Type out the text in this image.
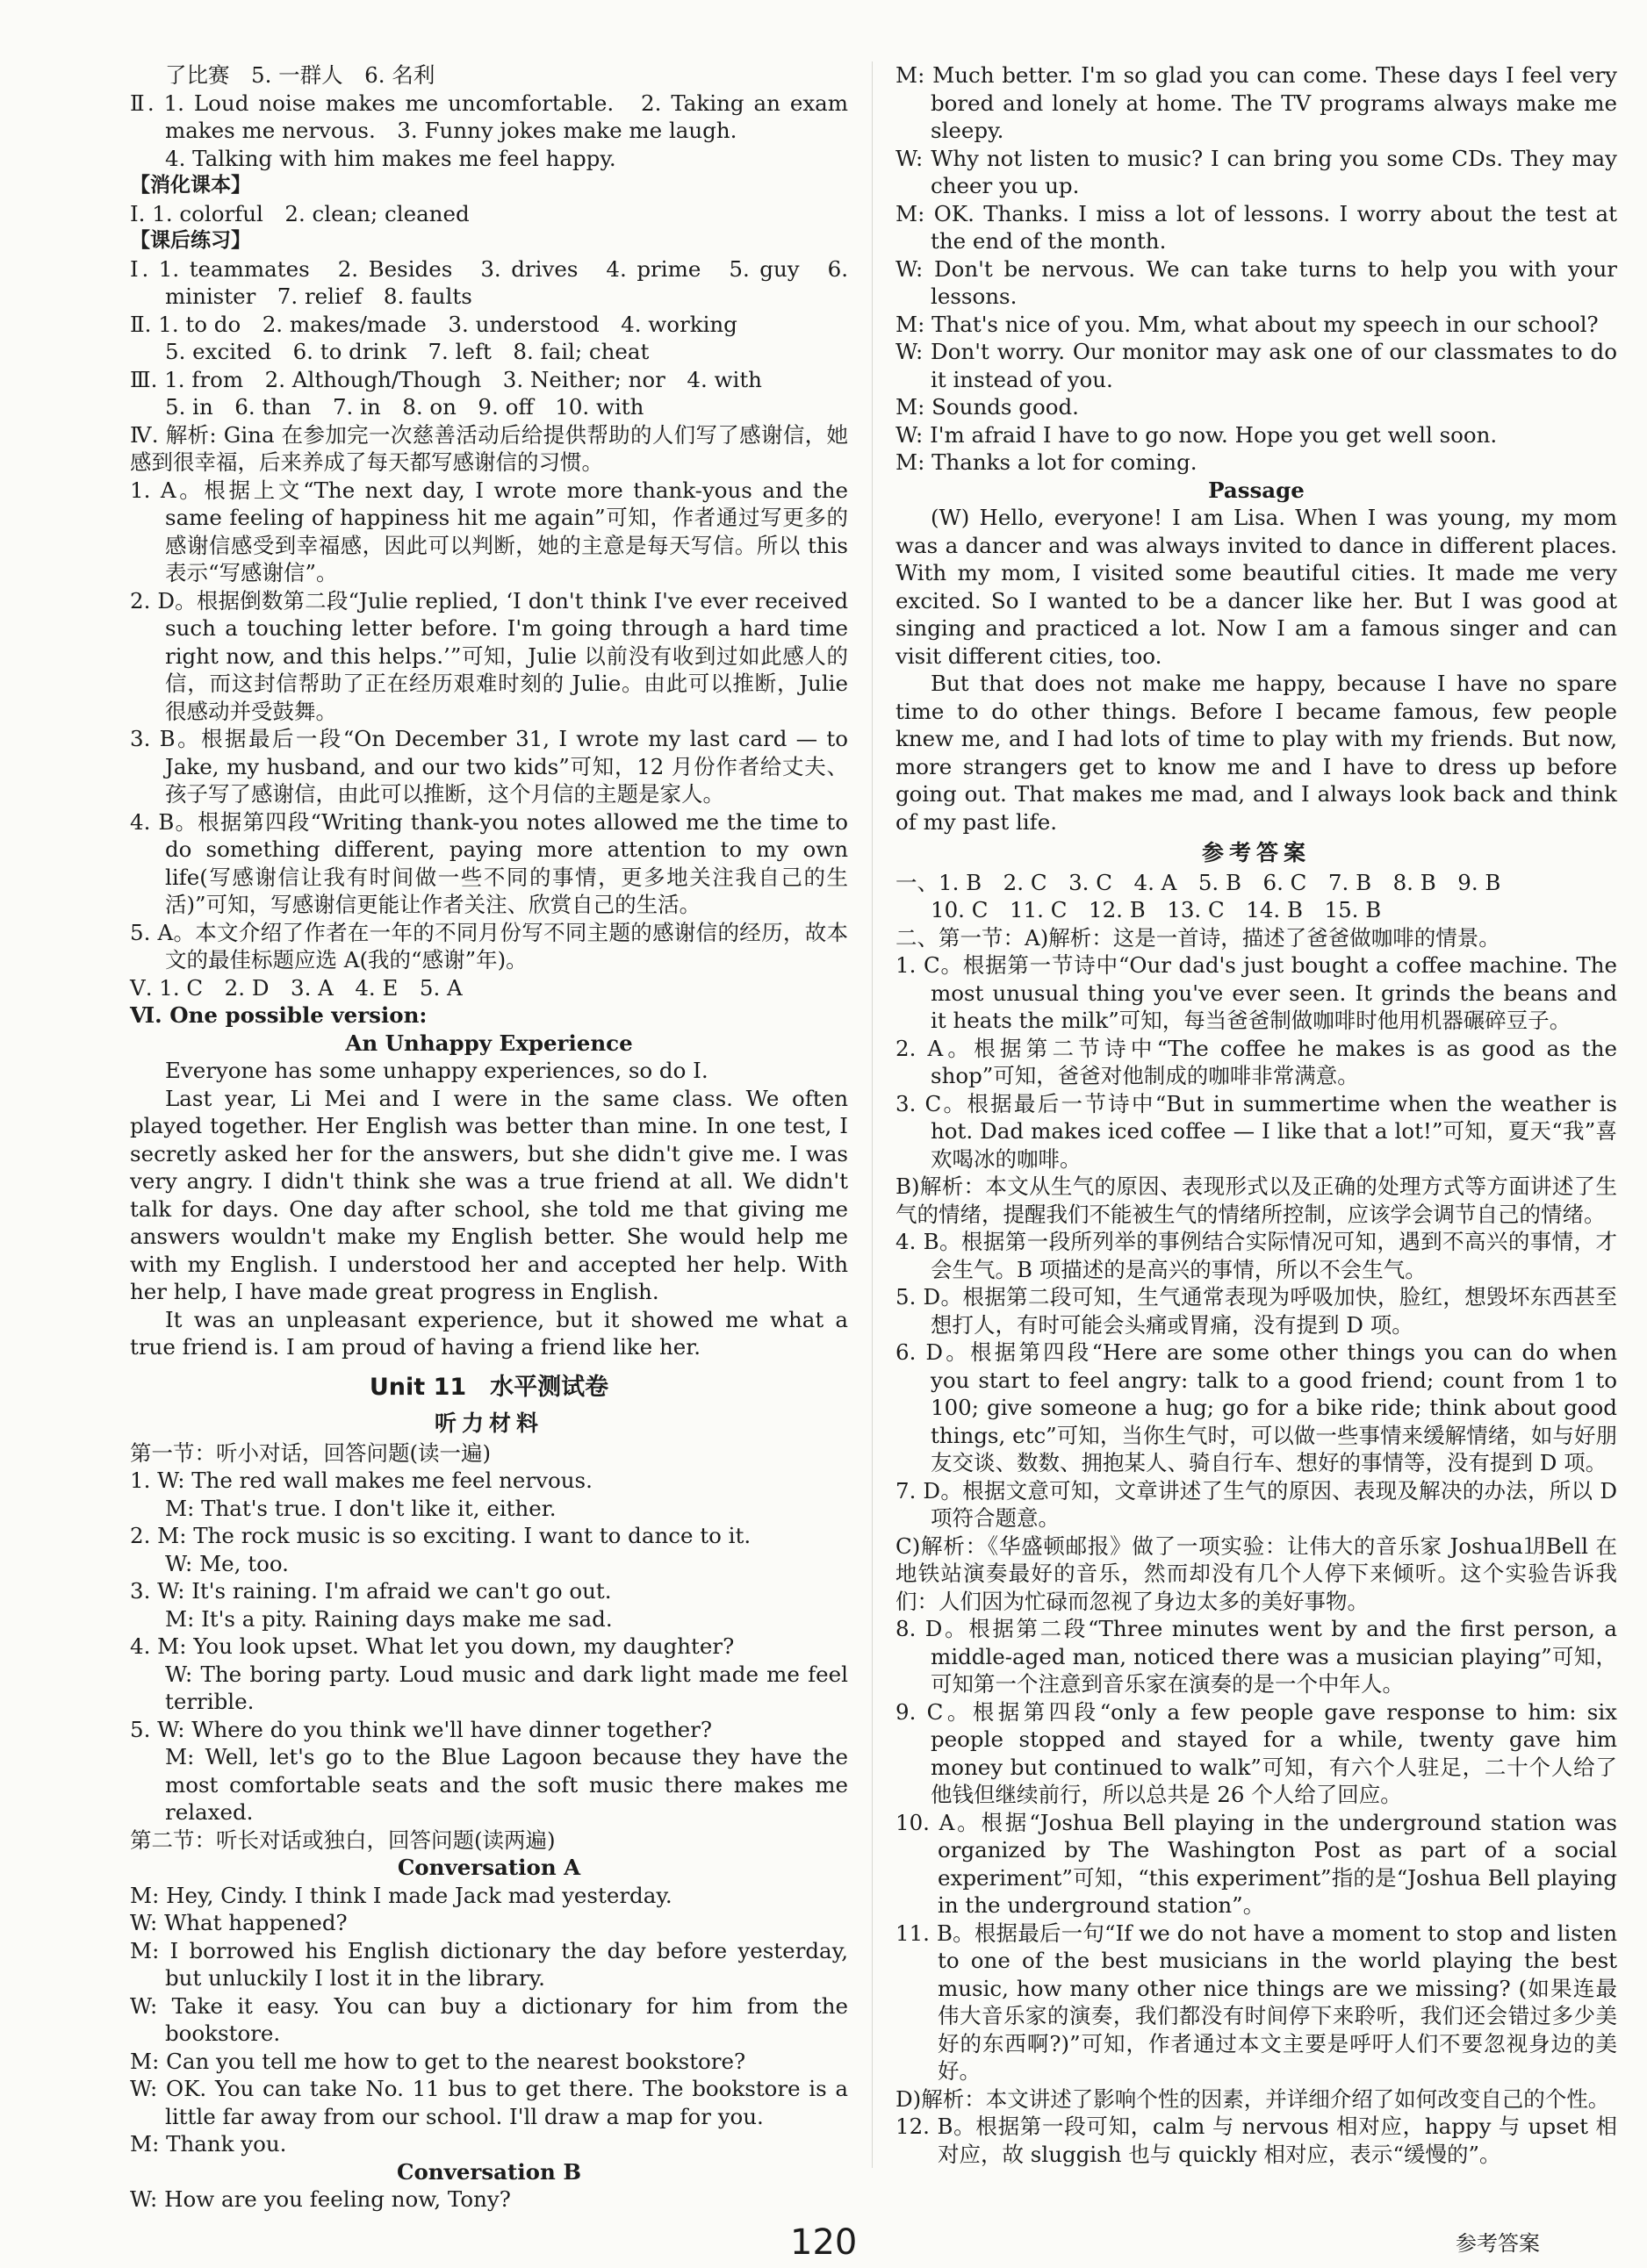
了比赛　5. 一群人　6. 名利

Ⅱ. 1. Loud noise makes me uncomfortable.　2. Taking an exam makes me nervous.　3. Funny jokes make me laugh.

4. Talking with him makes me feel happy.

【消化课本】

Ⅰ. 1. colorful　2. clean; cleaned

【课后练习】

Ⅰ. 1. teammates　2. Besides　3. drives　4. prime　5. guy　6. minister　7. relief　8. faults

Ⅱ. 1. to do　2. makes/made　3. understood　4. working

5. excited　6. to drink　7. left　8. fail; cheat

Ⅲ. 1. from　2. Although/Though　3. Neither; nor　4. with

5. in　6. than　7. in　8. on　9. off　10. with

Ⅳ. 解析: Gina 在参加完一次慈善活动后给提供帮助的人们写了感谢信，她感到很幸福，后来养成了每天都写感谢信的习惯。

1. A。根据上文“The next day, I wrote more thank-yous and the same feeling of happiness hit me again”可知，作者通过写更多的感谢信感受到幸福感，因此可以判断，她的主意是每天写信。所以 this 表示“写感谢信”。

2. D。根据倒数第二段“Julie replied, ‘I don't think I've ever received such a touching letter before. I'm going through a hard time right now, and this helps.’”可知，Julie 以前没有收到过如此感人的信，而这封信帮助了正在经历艰难时刻的 Julie。由此可以推断，Julie 很感动并受鼓舞。

3. B。根据最后一段“On December 31, I wrote my last card — to Jake, my husband, and our two kids”可知，12 月份作者给丈夫、孩子写了感谢信，由此可以推断，这个月信的主题是家人。

4. B。根据第四段“Writing thank-you notes allowed me the time to do something different, paying more attention to my own life(写感谢信让我有时间做一些不同的事情，更多地关注我自己的生活)”可知，写感谢信更能让作者关注、欣赏自己的生活。

5. A。本文介绍了作者在一年的不同月份写不同主题的感谢信的经历，故本文的最佳标题应选 A(我的“感谢”年)。

Ⅴ. 1. C　2. D　3. A　4. E　5. A

Ⅵ. One possible version:

An Unhappy Experience

Everyone has some unhappy experiences, so do I.

Last year, Li Mei and I were in the same class. We often played together. Her English was better than mine. In one test, I secretly asked her for the answers, but she didn't give me. I was very angry. I didn't think she was a true friend at all. We didn't talk for days. One day after school, she told me that giving me answers wouldn't make my English better. She would help me with my English. I understood her and accepted her help. With her help, I have made great progress in English.

It was an unpleasant experience, but it showed me what a true friend is. I am proud of having a friend like her.

Unit 11　水平测试卷

听力材料

第一节：听小对话，回答问题(读一遍)

1. W: The red wall makes me feel nervous.

M: That's true. I don't like it, either.

2. M: The rock music is so exciting. I want to dance to it.

W: Me, too.

3. W: It's raining. I'm afraid we can't go out.

M: It's a pity. Raining days make me sad.

4. M: You look upset. What let you down, my daughter?

W: The boring party. Loud music and dark light made me feel terrible.

5. W: Where do you think we'll have dinner together?

M: Well, let's go to the Blue Lagoon because they have the most comfortable seats and the soft music there makes me relaxed.

第二节：听长对话或独白，回答问题(读两遍)

Conversation A

M: Hey, Cindy. I think I made Jack mad yesterday.

W: What happened?

M: I borrowed his English dictionary the day before yesterday, but unluckily I lost it in the library.

W: Take it easy. You can buy a dictionary for him from the bookstore.

M: Can you tell me how to get to the nearest bookstore?

W: OK. You can take No. 11 bus to get there. The bookstore is a little far away from our school. I'll draw a map for you.

M: Thank you.

Conversation B

W: How are you feeling now, Tony?

M: Much better. I'm so glad you can come. These days I feel very bored and lonely at home. The TV programs always make me sleepy.

W: Why not listen to music? I can bring you some CDs. They may cheer you up.

M: OK. Thanks. I miss a lot of lessons. I worry about the test at the end of the month.

W: Don't be nervous. We can take turns to help you with your lessons.

M: That's nice of you. Mm, what about my speech in our school?

W: Don't worry. Our monitor may ask one of our classmates to do it instead of you.

M: Sounds good.

W: I'm afraid I have to go now. Hope you get well soon.

M: Thanks a lot for coming.

Passage

(W) Hello, everyone! I am Lisa. When I was young, my mom was a dancer and was always invited to dance in different places. With my mom, I visited some beautiful cities. It made me very excited. So I wanted to be a dancer like her. But I was good at singing and practiced a lot. Now I am a famous singer and can visit different cities, too.

But that does not make me happy, because I have no spare time to do other things. Before I became famous, few people knew me, and I had lots of time to play with my friends. But now, more strangers get to know me and I have to dress up before going out. That makes me mad, and I always look back and think of my past life.

参考答案

一、1. B　2. C　3. C　4. A　5. B　6. C　7. B　8. B　9. B

10. C　11. C　12. B　13. C　14. B　15. B

二、第一节：A)解析：这是一首诗，描述了爸爸做咖啡的情景。

1. C。根据第一节诗中“Our dad's just bought a coffee machine. The most unusual thing you've ever seen. It grinds the beans and it heats the milk”可知，每当爸爸制做咖啡时他用机器碾碎豆子。

2. A。根据第二节诗中“The coffee he makes is as good as the shop”可知，爸爸对他制成的咖啡非常满意。

3. C。根据最后一节诗中“But in summertime when the weather is hot. Dad makes iced coffee — I like that a lot!”可知，夏天“我”喜欢喝冰的咖啡。

B)解析：本文从生气的原因、表现形式以及正确的处理方式等方面讲述了生气的情绪，提醒我们不能被生气的情绪所控制，应该学会调节自己的情绪。

4. B。根据第一段所列举的事例结合实际情况可知，遇到不高兴的事情，才会生气。B 项描述的是高兴的事情，所以不会生气。

5. D。根据第二段可知，生气通常表现为呼吸加快，脸红，想毁坏东西甚至想打人，有时可能会头痛或胃痛，没有提到 D 项。

6. D。根据第四段“Here are some other things you can do when you start to feel angry: talk to a good friend; count from 1 to 100; give someone a hug; go for a bike ride; think about good things, etc”可知，当你生气时，可以做一些事情来缓解情绪，如与好朋友交谈、数数、拥抱某人、骑自行车、想好的事情等，没有提到 D 项。

7. D。根据文意可知，文章讲述了生气的原因、表现及解决的办法，所以 D 项符合题意。

C)解析：《华盛顿邮报》做了一项实验：让伟大的音乐家 Joshua㋀Bell 在地铁站演奏最好的音乐，然而却没有几个人停下来倾听。这个实验告诉我们：人们因为忙碌而忽视了身边太多的美好事物。

8. D。根据第二段“Three minutes went by and the first person, a middle-aged man, noticed there was a musician playing”可知，可知第一个注意到音乐家在演奏的是一个中年人。

9. C。根据第四段“only a few people gave response to him: six people stopped and stayed for a while, twenty gave him money but continued to walk”可知，有六个人驻足，二十个人给了他钱但继续前行，所以总共是 26 个人给了回应。

10. A。根据“Joshua Bell playing in the underground station was organized by The Washington Post as part of a social experiment”可知，“this experiment”指的是“Joshua Bell playing in the underground station”。

11. B。根据最后一句“If we do not have a moment to stop and listen to one of the best musicians in the world playing the best music, how many other nice things are we missing? (如果连最伟大音乐家的演奏，我们都没有时间停下来聆听，我们还会错过多少美好的东西啊?)”可知，作者通过本文主要是呼吁人们不要忽视身边的美好。

D)解析：本文讲述了影响个性的因素，并详细介绍了如何改变自己的个性。

12. B。根据第一段可知，calm 与 nervous 相对应，happy 与 upset 相对应，故 sluggish 也与 quickly 相对应，表示“缓慢的”。

120	参考答案
